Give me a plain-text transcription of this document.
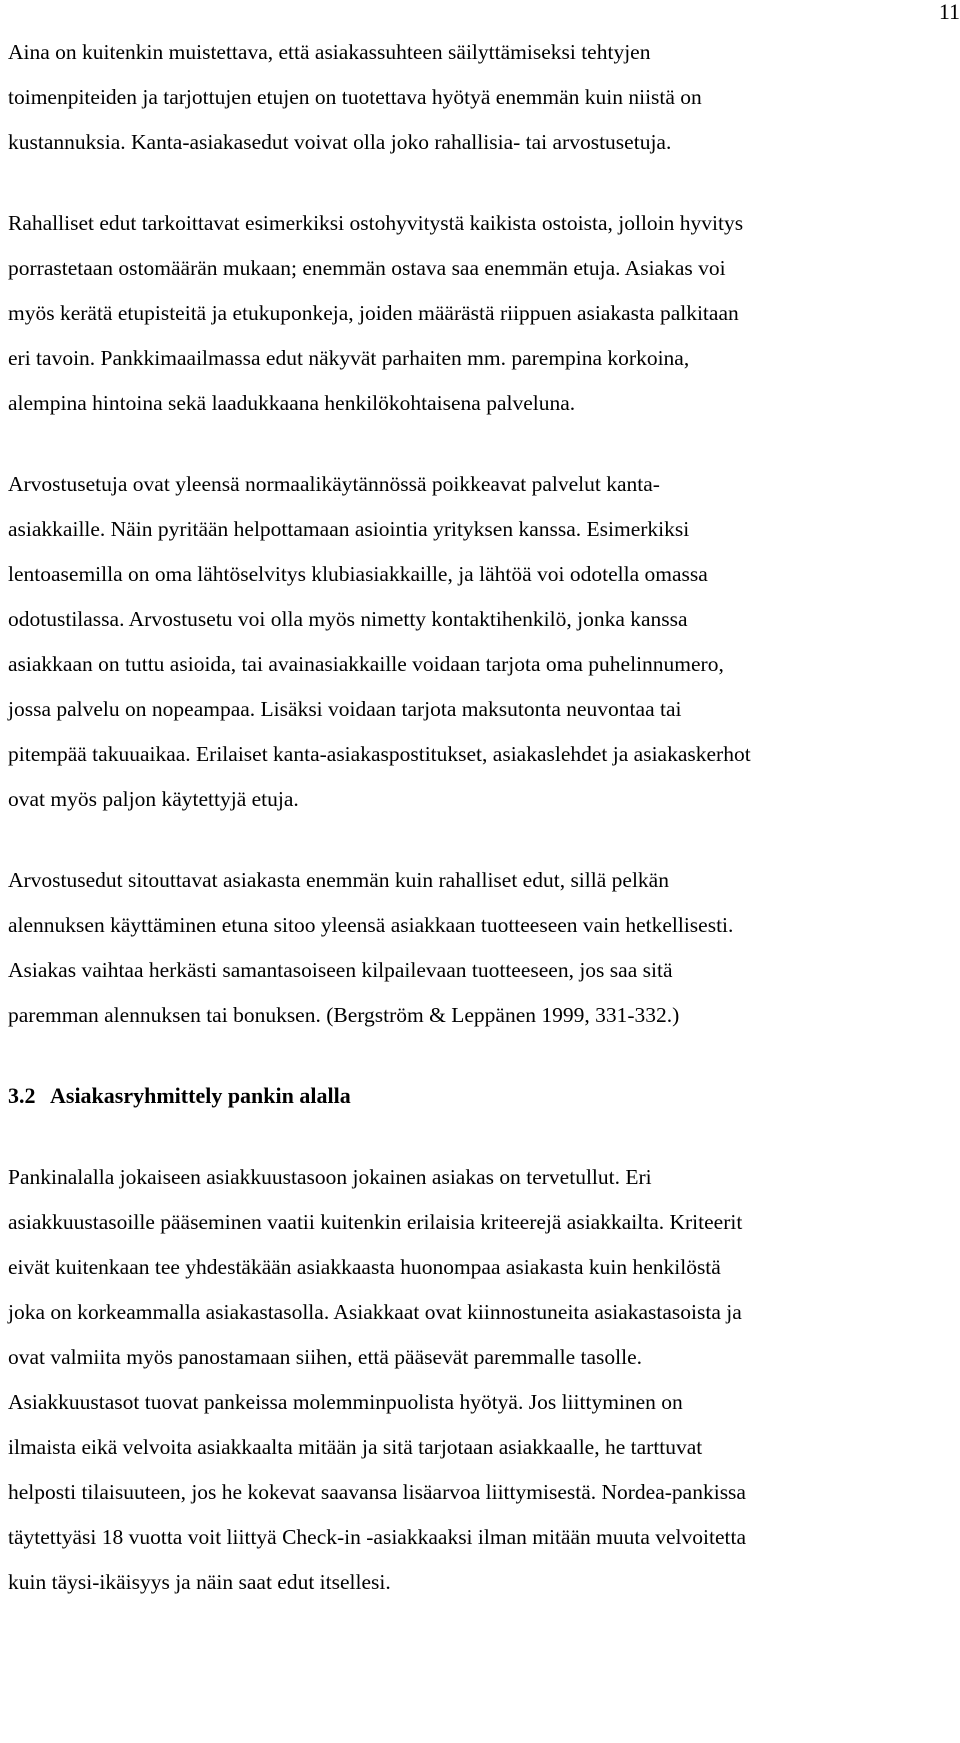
11
Aina on kuitenkin muistettava, että asiakassuhteen säilyttämiseksi tehtyjen
toimenpiteiden ja tarjottujen etujen on tuotettava hyötyä enemmän kuin niistä on
kustannuksia. Kanta-asiakasedut voivat olla joko rahallisia- tai arvostusetuja.
Rahalliset edut tarkoittavat esimerkiksi ostohyvitystä kaikista ostoista, jolloin hyvitys
porrastetaan ostomäärän mukaan; enemmän ostava saa enemmän etuja. Asiakas voi
myös kerätä etupisteitä ja etukuponkeja, joiden määrästä riippuen asiakasta palkitaan
eri tavoin. Pankkimaailmassa edut näkyvät parhaiten mm. parempina korkoina,
alempina hintoina sekä laadukkaana henkilökohtaisena palveluna.
Arvostusetuja ovat yleensä normaalikäytännössä poikkeavat palvelut kanta-
asiakkaille. Näin pyritään helpottamaan asiointia yrityksen kanssa. Esimerkiksi
lentoasemilla on oma lähtöselvitys klubiasiakkaille, ja lähtöä voi odotella omassa
odotustilassa. Arvostusetu voi olla myös nimetty kontaktihenkilö, jonka kanssa
asiakkaan on tuttu asioida, tai avainasiakkaille voidaan tarjota oma puhelinnumero,
jossa palvelu on nopeampaa. Lisäksi voidaan tarjota maksutonta neuvontaa tai
pitempää takuuaikaa. Erilaiset kanta-asiakaspostitukset, asiakaslehdet ja asiakaskerhot
ovat myös paljon käytettyjä etuja.
Arvostusedut sitouttavat asiakasta enemmän kuin rahalliset edut, sillä pelkän
alennuksen käyttäminen etuna sitoo yleensä asiakkaan tuotteeseen vain hetkellisesti.
Asiakas vaihtaa herkästi samantasoiseen kilpailevaan tuotteeseen, jos saa sitä
paremman alennuksen tai bonuksen. (Bergström & Leppänen 1999, 331-332.)
3.2 Asiakasryhmittely pankin alalla
Pankinalalla jokaiseen asiakkuustasoon jokainen asiakas on tervetullut. Eri
asiakkuustasoille pääseminen vaatii kuitenkin erilaisia kriteerejä asiakkailta. Kriteerit
eivät kuitenkaan tee yhdestäkään asiakkaasta huonompaa asiakasta kuin henkilöstä
joka on korkeammalla asiakastasolla. Asiakkaat ovat kiinnostuneita asiakastasoista ja
ovat valmiita myös panostamaan siihen, että pääsevät paremmalle tasolle.
Asiakkuustasot tuovat pankeissa molemminpuolista hyötyä. Jos liittyminen on
ilmaista eikä velvoita asiakkaalta mitään ja sitä tarjotaan asiakkaalle, he tarttuvat
helposti tilaisuuteen, jos he kokevat saavansa lisäarvoa liittymisestä. Nordea-pankissa
täytettyäsi 18 vuotta voit liittyä Check-in -asiakkaaksi ilman mitään muuta velvoitetta
kuin täysi-ikäisyys ja näin saat edut itsellesi.
